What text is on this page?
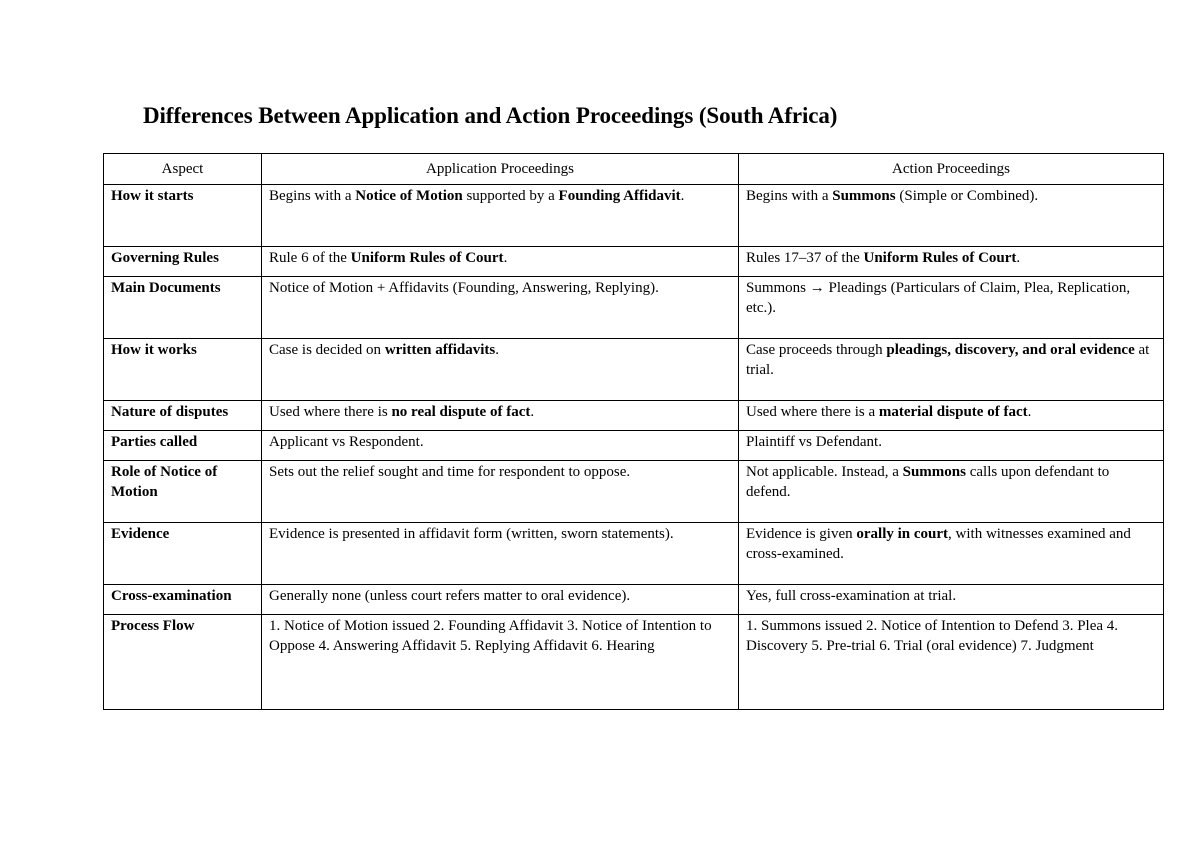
Differences Between Application and Action Proceedings (South Africa)
Aspect	Application Proceedings	Action Proceedings
How it starts	Begins with a Notice of Motion supported by a Founding Affidavit.	Begins with a Summons (Simple or Combined).
Governing Rules	Rule 6 of the Uniform Rules of Court.	Rules 17–37 of the Uniform Rules of Court.
Main Documents	Notice of Motion + Affidavits (Founding, Answering, Replying).	Summons → Pleadings (Particulars of Claim, Plea, Replication, etc.).
How it works	Case is decided on written affidavits.	Case proceeds through pleadings, discovery, and oral evidence at trial.
Nature of disputes	Used where there is no real dispute of fact.	Used where there is a material dispute of fact.
Parties called	Applicant vs Respondent.	Plaintiff vs Defendant.
Role of Notice of Motion	Sets out the relief sought and time for respondent to oppose.	Not applicable. Instead, a Summons calls upon defendant to defend.
Evidence	Evidence is presented in affidavit form (written, sworn statements).	Evidence is given orally in court, with witnesses examined and cross-examined.
Cross-examination	Generally none (unless court refers matter to oral evidence).	Yes, full cross-examination at trial.
Process Flow	1. Notice of Motion issued 2. Founding Affidavit 3. Notice of Intention to Oppose 4. Answering Affidavit 5. Replying Affidavit 6. Hearing	1. Summons issued 2. Notice of Intention to Defend 3. Plea 4. Discovery 5. Pre-trial 6. Trial (oral evidence) 7. Judgment
